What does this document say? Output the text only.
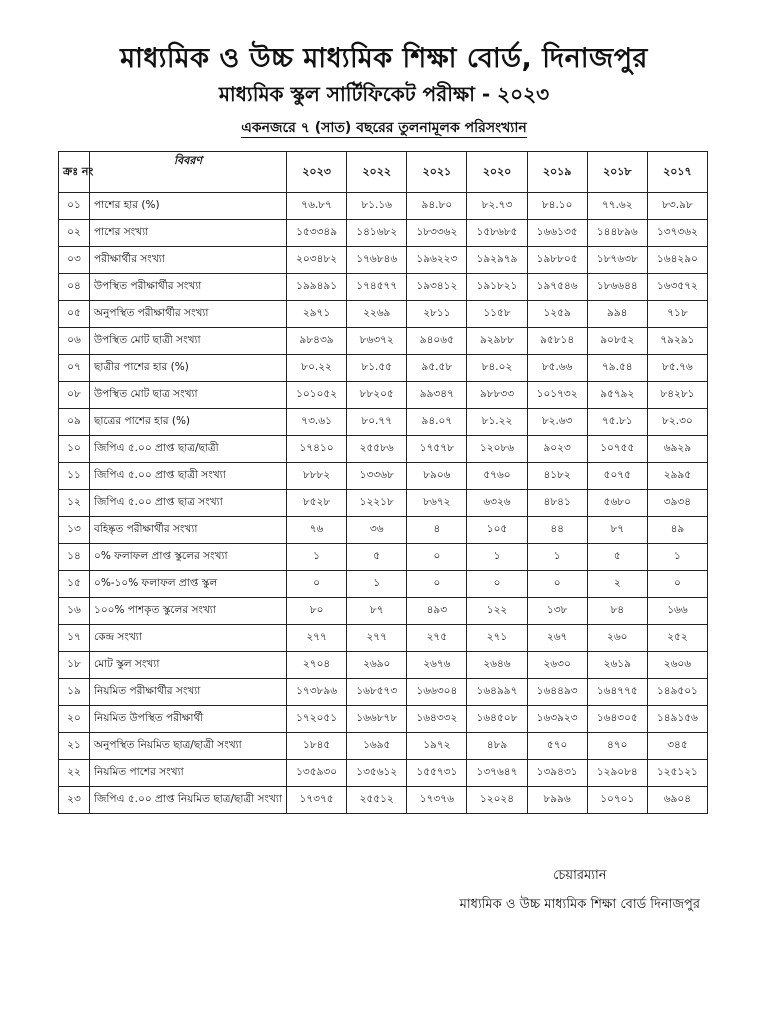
মাধ্যমিক ও উচ্চ মাধ্যমিক শিক্ষা বোর্ড, দিনাজপুর
মাধ্যমিক স্কুল সার্টিফিকেট পরীক্ষা - ২০২৩
একনজরে ৭ (সাত) বছরের তুলনামূলক পরিসংখ্যান
ক্রঃ নং	বিবরণ	২০২৩	২০২২	২০২১	২০২০	২০১৯	২০১৮	২০১৭
০১	পাশের হার (%)	৭৬.৮৭	৮১.১৬	৯৪.৮০	৮২.৭৩	৮৪.১০	৭৭.৬২	৮৩.৯৮
০২	পাশের সংখ্যা	১৫৩৩৪৯	১৪১৬৮২	১৮৩৩৬২	১৫৮৬৮৫	১৬৬১৩৫	১৪৪৮৯৬	১৩৭৩৬২
০৩	পরীক্ষার্থীর সংখ্যা	২০৩৪৮২	১৭৬৮৪৬	১৯৬২২৩	১৯২৯৭৯	১৯৮৮০৫	১৮৭৬৩৮	১৬৪২৯০
০৪	উপস্থিত পরীক্ষার্থীর সংখ্যা	১৯৯৪৯১	১৭৪৫৭৭	১৯৩৪১২	১৯১৮২১	১৯৭৫৪৬	১৮৬৬৪৪	১৬৩৫৭২
০৫	অনুপস্থিত পরীক্ষার্থীর সংখ্যা	২৯৭১	২২৬৯	২৮১১	১১৫৮	১২৫৯	৯৯৪	৭১৮
০৬	উপস্থিত মোট ছাত্রী সংখ্যা	৯৮৪৩৯	৮৬৩৭২	৯৪০৬৫	৯২৯৮৮	৯৫৮১৪	৯০৮৫২	৭৯২৯১
০৭	ছাত্রীর পাশের হার (%)	৮০.২২	৮১.৫৫	৯৫.৫৮	৮৪.০২	৮৫.৬৬	৭৯.৫৪	৮৫.৭৬
০৮	উপস্থিত মোট ছাত্র সংখ্যা	১০১০৫২	৮৮২০৫	৯৯৩৪৭	৯৮৮৩৩	১০১৭৩২	৯৫৭৯২	৮৪২৮১
০৯	ছাত্রের পাশের হার (%)	৭৩.৬১	৮০.৭৭	৯৪.০৭	৮১.২২	৮২.৬৩	৭৫.৮১	৮২.৩০
১০	জিপিএ ৫.০০ প্রাপ্ত ছাত্র/ছাত্রী	১৭৪১০	২৫৫৮৬	১৭৫৭৮	১২০৮৬	৯০২৩	১০৭৫৫	৬৯২৯
১১	জিপিএ ৫.০০ প্রাপ্ত ছাত্রী সংখ্যা	৮৮৮২	১৩৩৬৮	৮৯০৬	৫৭৬০	৪১৮২	৫০৭৫	২৯৯৫
১২	জিপিএ ৫.০০ প্রাপ্ত ছাত্র সংখ্যা	৮৫২৮	১২২১৮	৮৬৭২	৬৩২৬	৪৮৪১	৫৬৮০	৩৯৩৪
১৩	বহিষ্কৃত পরীক্ষার্থীর সংখ্যা	৭৬	৩৬	৪	১০৫	৪৪	৮৭	৪৯
১৪	০% ফলাফল প্রাপ্ত স্কুলের সংখ্যা	১	৫	০	১	১	৫	১
১৫	০%-১০% ফলাফল প্রাপ্ত স্কুল	০	১	০	০	০	২	০
১৬	১০০% পাশকৃত স্কুলের সংখ্যা	৮০	৮৭	৪৯৩	১২২	১৩৮	৮৪	১৬৬
১৭	কেন্দ্র সংখ্যা	২৭৭	২৭৭	২৭৫	২৭১	২৬৭	২৬০	২৫২
১৮	মোট স্কুল সংখ্যা	২৭০৪	২৬৯০	২৬৭৬	২৬৪৬	২৬৩০	২৬১৯	২৬০৬
১৯	নিয়মিত পরীক্ষার্থীর সংখ্যা	১৭৩৮৯৬	১৬৮৫৭৩	১৬৬৩০৪	১৬৪৯৯৭	১৬৪৪৯৩	১৬৪৭৭৫	১৪৯৫০১
২০	নিয়মিত উপস্থিত পরীক্ষার্থী	১৭২০৫১	১৬৬৮৭৮	১৬৪৩৩২	১৬৪৫০৮	১৬৩৯২৩	১৬৪৩০৫	১৪৯১৫৬
২১	অনুপস্থিত নিয়মিত ছাত্র/ছাত্রী সংখ্যা	১৮৪৫	১৬৯৫	১৯৭২	৪৮৯	৫৭০	৪৭০	৩৪৫
২২	নিয়মিত পাশের সংখ্যা	১৩৫৯৩০	১৩৫৬১২	১৫৫৭৩১	১৩৭৬৪৭	১৩৯৪৩১	১২৯০৮৪	১২৫১২১
২৩	জিপিএ ৫.০০ প্রাপ্ত নিয়মিত ছাত্র/ছাত্রী সংখ্যা	১৭৩৭৫	২৫৫১২	১৭৩৭৬	১২০২৪	৮৯৯৬	১০৭০১	৬৯০৪
চেয়ারম্যান
মাধ্যমিক ও উচ্চ মাধ্যমিক শিক্ষা বোর্ড দিনাজপুর
